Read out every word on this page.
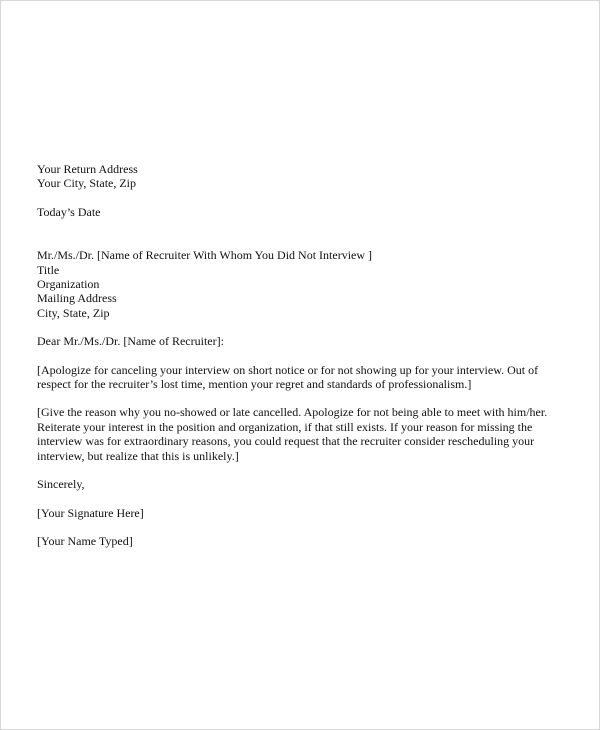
Your Return Address
Your City, State, Zip
Today’s Date
Mr./Ms./Dr. [Name of Recruiter With Whom You Did Not Interview ]
Title
Organization
Mailing Address
City, State, Zip
Dear Mr./Ms./Dr. [Name of Recruiter]:
[Apologize for canceling your interview on short notice or for not showing up for your interview. Out of
respect for the recruiter’s lost time, mention your regret and standards of professionalism.]
[Give the reason why you no-showed or late cancelled. Apologize for not being able to meet with him/her.
Reiterate your interest in the position and organization, if that still exists. If your reason for missing the
interview was for extraordinary reasons, you could request that the recruiter consider rescheduling your
interview, but realize that this is unlikely.]
Sincerely,
[Your Signature Here]
[Your Name Typed]
